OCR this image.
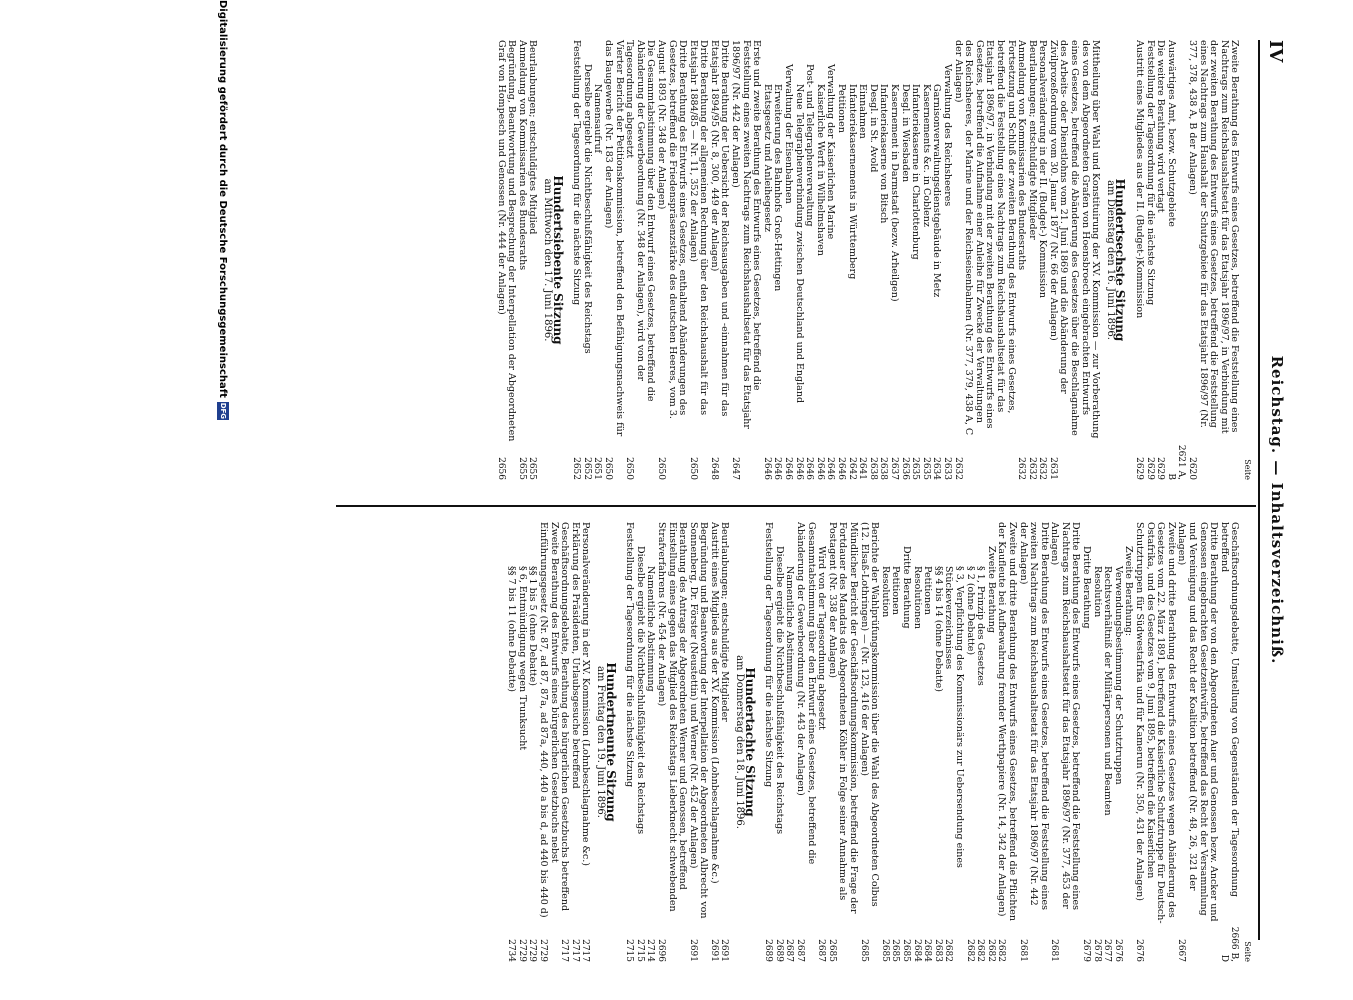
IV
Reichstag. — Inhaltsverzeichniß.
Seite
Zweite Berathung des Entwurfs eines Gesetzes, betreffend die Feststellung eines Nachtrags zum Reichshaushaltsetat für das Etatsjahr 1896/97, in Verbindung mit der zweiten Berathung des Entwurfs eines Gesetzes, betreffend die Feststellung eines Nachtrags zum Haushalt der Schutzgebiete für das Etatsjahr 1896/97 (Nr. 377, 378, 438 A, B der Anlagen)
2620
Auswärtiges Amt, bezw. Schutzgebiete
2621 A, B
Die weitere Berathung wird vertagt
2629
Feststellung der Tagesordnung für die nächste Sitzung
2629
Austritt eines Mitgliedes aus der II. (Budget-)Kommission
2629
Hundertsechste Sitzung
am Dienstag den 16. Juni 1896.
Mittheilung über Wahl und Konstituirung der XV. Kommission — zur Vorberathung des von dem Abgeordneten Grafen von Hoensbroech eingebrachten Entwurfs eines Gesetzes, betreffend die Abänderung des Gesetzes über die Beschlagnahme des Arbeits- oder Dienstlohns vom 21. Juni 1869 und die Abänderung der Zivilprozeßordnung vom 30. Januar 1877 (Nr. 66 der Anlagen)
2631
Personalveränderung in der II. (Budget-) Kommission
2632
Beurlaubungen; entschuldigte Mitglieder
2632
Anmeldung von Kommissarien des Bundesraths
2632
Fortsetzung und Schluß der zweiten Berathung des Entwurfs eines Gesetzes, betreffend die Feststellung eines Nachtrags zum Reichshaushaltsetat für das Etatsjahr 1896/97, in Verbindung mit der zweiten Berathung des Entwurfs eines Gesetzes, betreffend die Aufnahme einer Anleihe für Zwecke der Verwaltungen des Reichsheeres, der Marine und der Reichseisenbahnen (Nr. 377, 379, 438 A, C der Anlagen)
2632
Verwaltung des Reichsheeres
2633
Garnisonverwaltungsdienstgebäude in Metz
2634
Kasernements &c. in Coblenz
2635
Infanteriekaserne in Charlottenburg
2635
Desgl. in Wiesbaden
2636
Kasernement in Darmstadt (bezw. Arheilgen)
2637
Infanteriekaserne von Bitsch
2638
Desgl. in St. Avold
2638
Einnahmen
2641
Infanteriekasernements in Württemberg
2642
Petitionen
2646
Verwaltung der Kaiserlichen Marine
2646
Kaiserliche Werft in Wilhelmshaven
2646
Post- und Telegraphenverwaltung
2646
Neue Telegraphenverbindung zwischen Deutschland und England
2646
Verwaltung der Eisenbahnen
2646
Erweiterung des Bahnhofs Groß-Hettingen
2646
Etatsgesetz und Anleihegesetz
2646
Erste und zweite Berathung des Entwurfs eines Gesetzes, betreffend die Feststellung eines zweiten Nachtrags zum Reichshaushaltsetat für das Etatsjahr 1896/97 (Nr. 442 der Anlagen)
2647
Dritte Berathung der Uebersicht der Reichsausgaben und -einnahmen für das Etatsjahr 1894/95 (Nr. 8, 300, 449 der Anlagen)
2648
Dritte Berathung der allgemeinen Rechnung über den Reichshaushalt für das Etatsjahr 1884/85 — Nr. 11, 352 der Anlagen)
2650
Dritte Berathung des Entwurfs eines Gesetzes, enthaltend Abänderungen des Gesetzes, betreffend die Friedenspräsenzstärke des deutschen Heeres, vom 3. August 1893 (Nr. 348 der Anlagen)
2650
Die Gesammtabstimmung über den Entwurf eines Gesetzes, betreffend die Abänderung der Gewerbeordnung (Nr. 348 der Anlagen), wird von der Tagesordnung abgesetzt
2650
Vierter Bericht der Petitionskommission, betreffend den Befähigungsnachweis für das Baugewerbe (Nr. 183 der Anlagen)
2650
Namensaufruf
2651
Derselbe ergiebt die Nichtbeschlußfähigkeit des Reichstags
2652
Feststellung der Tagesordnung für die nächste Sitzung
2652
Hundertsiebente Sitzung
am Mittwoch den 17. Juni 1896.
Beurlaubungen; entschuldigtes Mitglied
2655
Anmeldung von Kommissarien des Bundesraths
2655
Begründung, Beantwortung und Besprechung der Interpellation der Abgeordneten Graf von Hompesch und Genossen (Nr. 444 der Anlagen)
2656
Seite
Geschäftsordnungsdebatte, Umstellung von Gegenständen der Tagesordnung betreffend
2666 B, D
Dritte Berathung der von den Abgeordneten Auer und Genossen bezw. Ancker und Genossen eingebrachten Gesetzentwürfe, betreffend das Recht der Versammlung und Vereinigung und das Recht der Koalition betreffend (Nr. 48, 26, 321 der Anlagen)
2667
Zweite und dritte Berathung des Entwurfs eines Gesetzes wegen Abänderung des Gesetzes vom 22. März 1891, betreffend die Kaiserliche Schutztruppe für Deutsch-Ostafrika, und des Gesetzes vom 9. Juni 1895, betreffend die Kaiserlichen Schutztruppen für Südwestafrika und für Kamerun (Nr. 350, 431 der Anlagen)
2676
Zweite Berathung:
Verwendungsbestimmung der Schutztruppen
2676
Rechtsverhältniß der Militärpersonen und Beamten
2677
Resolution
2678
Dritte Berathung
2679
Dritte Berathung des Entwurfs eines Gesetzes, betreffend die Feststellung eines Nachtrags zum Reichshaushaltsetat für das Etatsjahr 1896/97 (Nr. 377, 453 der Anlagen)
2681
Dritte Berathung des Entwurfs eines Gesetzes, betreffend die Feststellung eines zweiten Nachtrags zum Reichshaushaltsetat für das Etatsjahr 1896/97 (Nr. 442 der Anlagen)
2681
Zweite und dritte Berathung des Entwurfs eines Gesetzes, betreffend die Pflichten der Kaufleute bei Aufbewahrung fremder Werthpapiere (Nr. 14, 342 der Anlagen)
2682
Zweite Berathung
2682
§ 1, Prinzip des Gesetzes
2682
§ 2 (ohne Debatte)
2682
§ 3, Verpflichtung des Kommissionärs zur Uebersendung eines Stückeverzeichnisses
2682
§§ 4 bis 14 (ohne Debatte)
2683
Petitionen
2684
Resolutionen
2684
Dritte Berathung
2685
Petitionen
2685
Resolution
2685
Berichte der Wahlprüfungskommission über die Wahl des Abgeordneten Colbus (12. Elsaß-Lothringen) — (Nr. 123, 416 der Anlagen)
2685
Mündlicher Bericht der Geschäftsordnungskommission, betreffend die Frage der Fortdauer des Mandats des Abgeordneten Köhler in Folge seiner Annahme als Postagent (Nr. 338 der Anlagen)
2685
Wird von der Tagesordnung abgesetzt
2687
Gesammtabstimmung über den Entwurf eines Gesetzes, betreffend die Abänderung der Gewerbeordnung (Nr. 443 der Anlagen)
2687
Namentliche Abstimmung
2687
Dieselbe ergiebt die Nichtbeschlußfähigkeit des Reichstags
2689
Feststellung der Tagesordnung für die nächste Sitzung
2689
Hundertachte Sitzung
am Donnerstag den 18. Juni 1896.
Beurlaubungen; entschuldigte Mitglieder
2691
Austritt eines Mitglieds aus der XV. Kommission (Lohnbeschlagnahme &c.)
2691
Begründung und Beantwortung der Interpellation der Abgeordneten Albrecht von Sonnenberg, Dr. Förster (Neustettin) und Werner (Nr. 452 der Anlagen)
2691
Berathung des Antrags der Abgeordneten Werner und Genossen, betreffend Einstellung eines gegen das Mitglied des Reichstags Lieberknecht schwebenden Strafverfahrens (Nr. 454 der Anlagen)
2696
Namentliche Abstimmung
2714
Dieselbe ergiebt die Nichtbeschlußfähigkeit des Reichstags
2715
Feststellung der Tagesordnung für die nächste Sitzung
2715
Hundertneunte Sitzung
am Freitag den 19. Juni 1896.
Personalveränderung in der XV. Kommission (Lohnbeschlagnahme &c.)
2717
Erklärung des Präsidenten, Urlaubsgesuche betreffend
2717
Geschäftsordnungsdebatte, Berathung des bürgerlichen Gesetzbuchs betreffend
2717
Zweite Berathung des Entwurfs eines bürgerlichen Gesetzbuchs nebst Einführungsgesetz (Nr. 87, ad 87, 87a, ad 87a, 440, 440 a bis d, ad 440 bis 440 d)
2729
§§ 1 bis 5 (ohne Debatte)
2729
§ 6, Entmündigung wegen Trunksucht
2729
§§ 7 bis 11 (ohne Debatte)
2734
Digitalisierung gefördert durch die Deutsche Forschungsgemeinschaft
DFG
